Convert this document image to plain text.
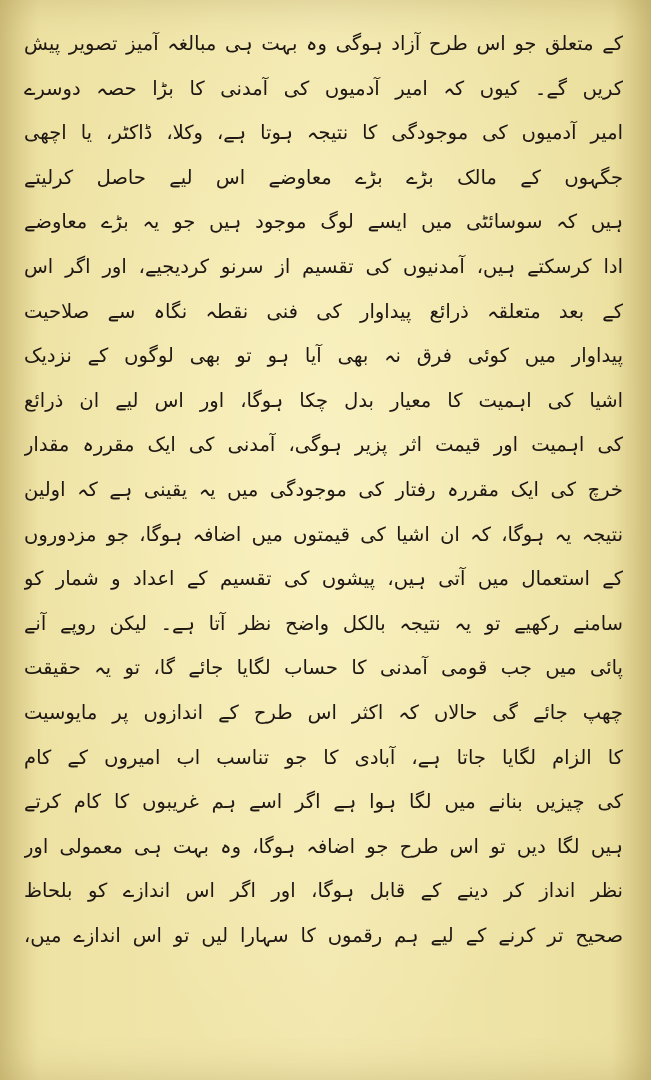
کے متعلق جو اس طرح آزاد ہوگی وہ بہت ہی مبالغہ آمیز تصویر پیش
کریں گے۔ کیوں کہ امیر آدمیوں کی آمدنی کا بڑا حصہ دوسرے
امیر آدمیوں کی موجودگی کا نتیجہ ہوتا ہے، وکلا، ڈاکٹر، یا اچھی
جگہوں کے مالک بڑے بڑے معاوضے اس لیے حاصل کرلیتے
ہیں کہ سوسائٹی میں ایسے لوگ موجود ہیں جو یہ بڑے معاوضے
ادا کرسکتے ہیں، آمدنیوں کی تقسیم از سرنو کردیجیے، اور اگر اس
کے بعد متعلقہ ذرائع پیداوار کی فنی نقطہ نگاہ سے صلاحیت
پیداوار میں کوئی فرق نہ بھی آیا ہو تو بھی لوگوں کے نزدیک
اشیا کی اہمیت کا معیار بدل چکا ہوگا، اور اس لیے ان ذرائع
کی اہمیت اور قیمت اثر پزیر ہوگی، آمدنی کی ایک مقررہ مقدار
خرچ کی ایک مقررہ رفتار کی موجودگی میں یہ یقینی ہے کہ اولین
نتیجہ یہ ہوگا، کہ ان اشیا کی قیمتوں میں اضافہ ہوگا، جو مزدوروں
کے استعمال میں آتی ہیں، پیشوں کی تقسیم کے اعداد و شمار کو
سامنے رکھیے تو یہ نتیجہ بالکل واضح نظر آتا ہے۔ لیکن روپے آنے
پائی میں جب قومی آمدنی کا حساب لگایا جائے گا، تو یہ حقیقت
چھپ جائے گی حالاں کہ اکثر اس طرح کے اندازوں پر مایوسیت
کا الزام لگایا جاتا ہے، آبادی کا جو تناسب اب امیروں کے کام
کی چیزیں بنانے میں لگا ہوا ہے اگر اسے ہم غریبوں کا کام کرتے
ہیں لگا دیں تو اس طرح جو اضافہ ہوگا، وہ بہت ہی معمولی اور
نظر انداز کر دینے کے قابل ہوگا، اور اگر اس اندازے کو بلحاظ
صحیح تر کرنے کے لیے ہم رقموں کا سہارا لیں تو اس اندازے میں،
